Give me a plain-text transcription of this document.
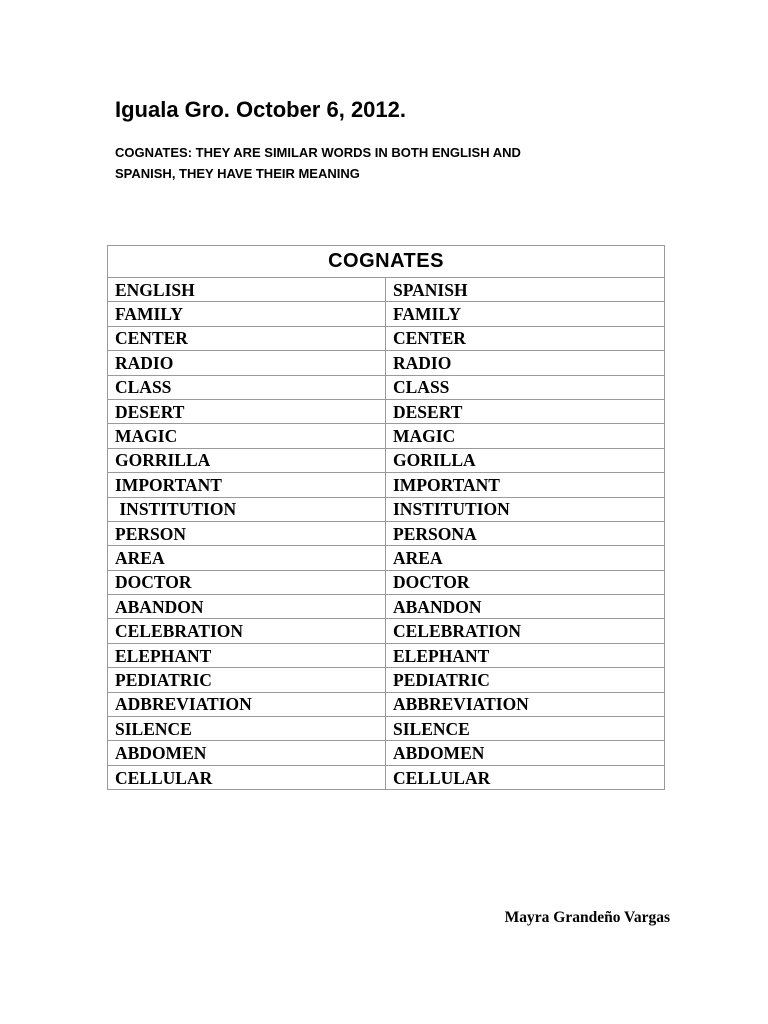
Iguala Gro. October 6, 2012.

COGNATES: THEY ARE SIMILAR WORDS IN BOTH ENGLISH AND
SPANISH, THEY HAVE THEIR MEANING

COGNATES	
ENGLISH	SPANISH
FAMILY	FAMILY
CENTER	CENTER
RADIO	RADIO
CLASS	CLASS
DESERT	DESERT
MAGIC	MAGIC
GORRILLA	GORILLA
IMPORTANT	IMPORTANT
INSTITUTION	INSTITUTION
PERSON	PERSONA
AREA	AREA
DOCTOR	DOCTOR
ABANDON	ABANDON
CELEBRATION	CELEBRATION
ELEPHANT	ELEPHANT
PEDIATRIC	PEDIATRIC
ADBREVIATION	ABBREVIATION
SILENCE	SILENCE
ABDOMEN	ABDOMEN
CELLULAR	CELLULAR

Mayra Grandeño Vargas
